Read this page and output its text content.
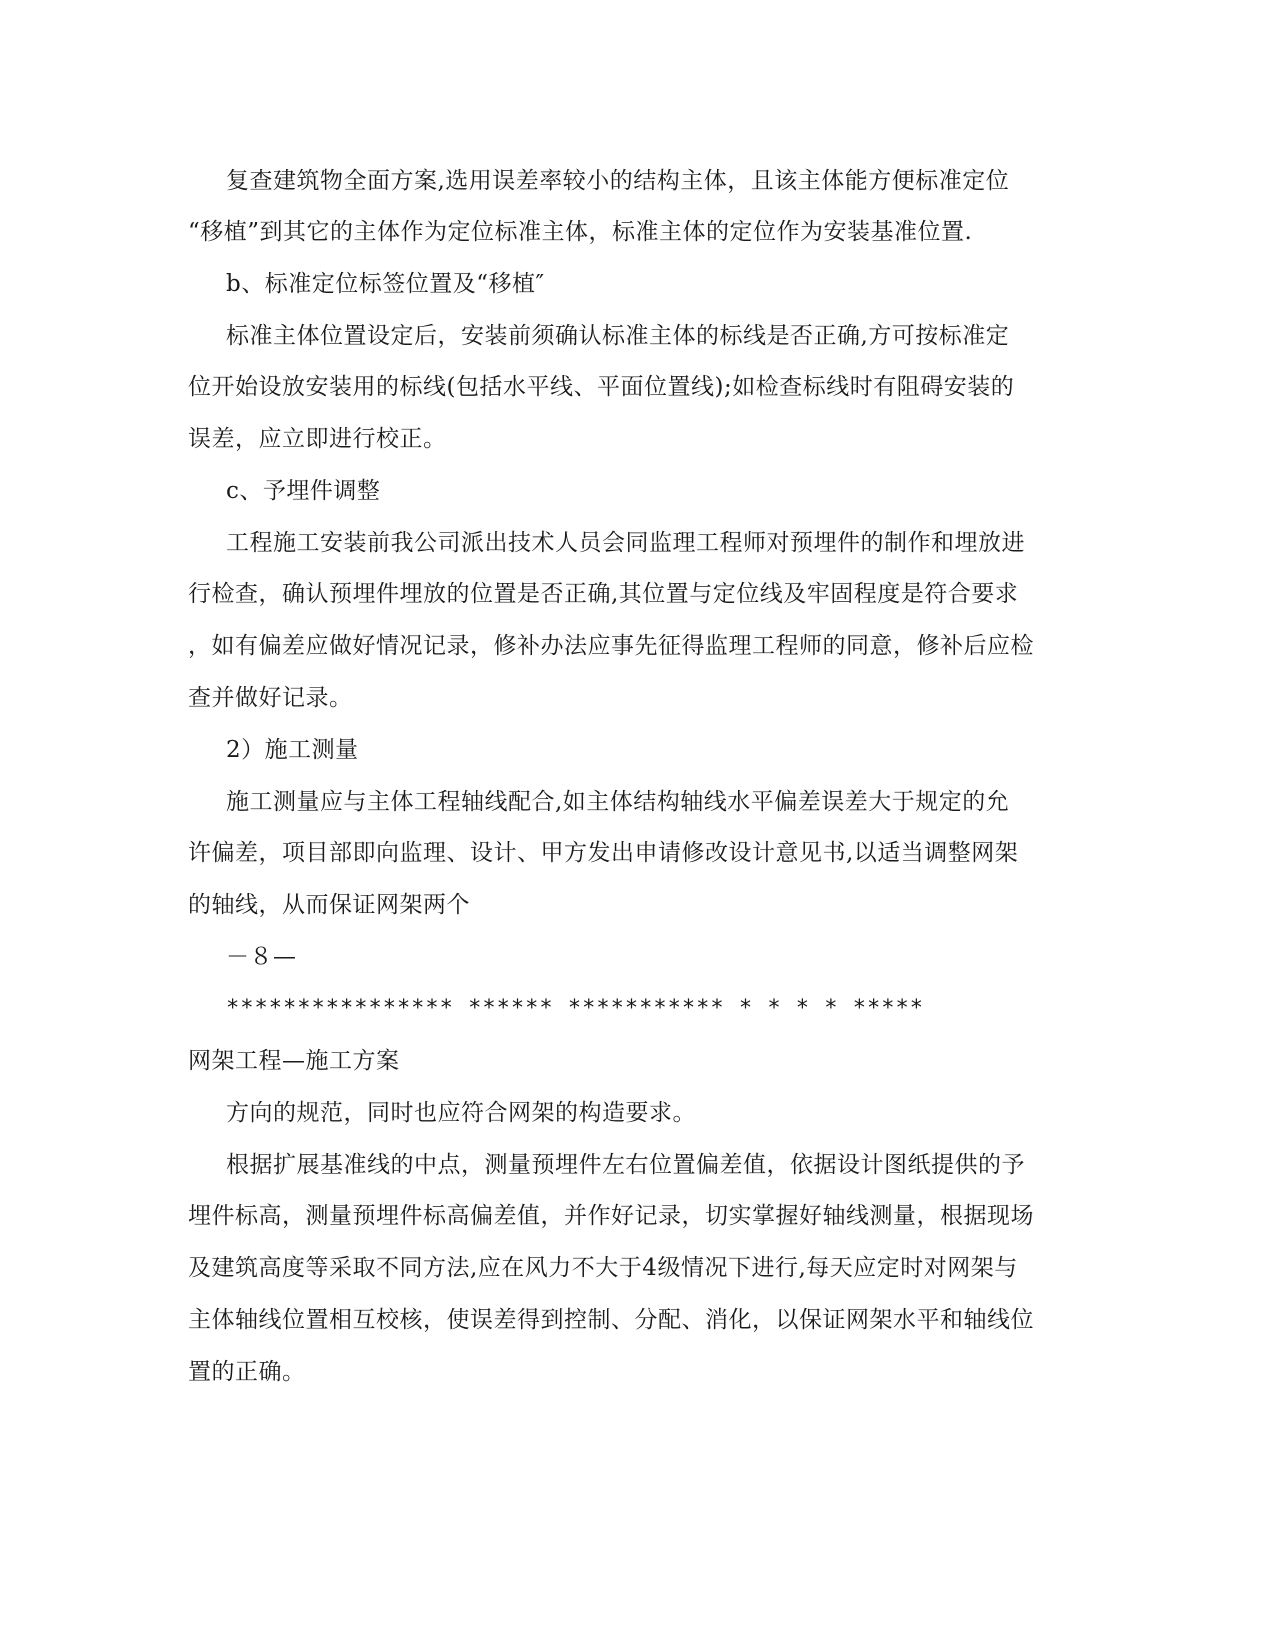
复查建筑物全面方案,选用误差率较小的结构主体，且该主体能方便标准定位
“移植”到其它的主体作为定位标准主体，标准主体的定位作为安装基准位置.
b、标准定位标签位置及“移植″
标准主体位置设定后，安装前须确认标准主体的标线是否正确,方可按标准定
位开始设放安装用的标线(包括水平线、平面位置线);如检查标线时有阻碍安装的
误差，应立即进行校正。
c、予埋件调整
工程施工安装前我公司派出技术人员会同监理工程师对预埋件的制作和埋放进
行检查，确认预埋件埋放的位置是否正确,其位置与定位线及牢固程度是符合要求
，如有偏差应做好情况记录，修补办法应事先征得监理工程师的同意，修补后应检
查并做好记录。
2）施工测量
施工测量应与主体工程轴线配合,如主体结构轴线水平偏差误差大于规定的允
许偏差，项目部即向监理、设计、甲方发出申请修改设计意见书,以适当调整网架
的轴线，从而保证网架两个
－８—
**************** ****** *********** * * * * *****
网架工程—施工方案
方向的规范，同时也应符合网架的构造要求。
根据扩展基准线的中点，测量预埋件左右位置偏差值，依据设计图纸提供的予
埋件标高，测量预埋件标高偏差值，并作好记录，切实掌握好轴线测量，根据现场
及建筑高度等采取不同方法,应在风力不大于4级情况下进行,每天应定时对网架与
主体轴线位置相互校核，使误差得到控制、分配、消化，以保证网架水平和轴线位
置的正确。
